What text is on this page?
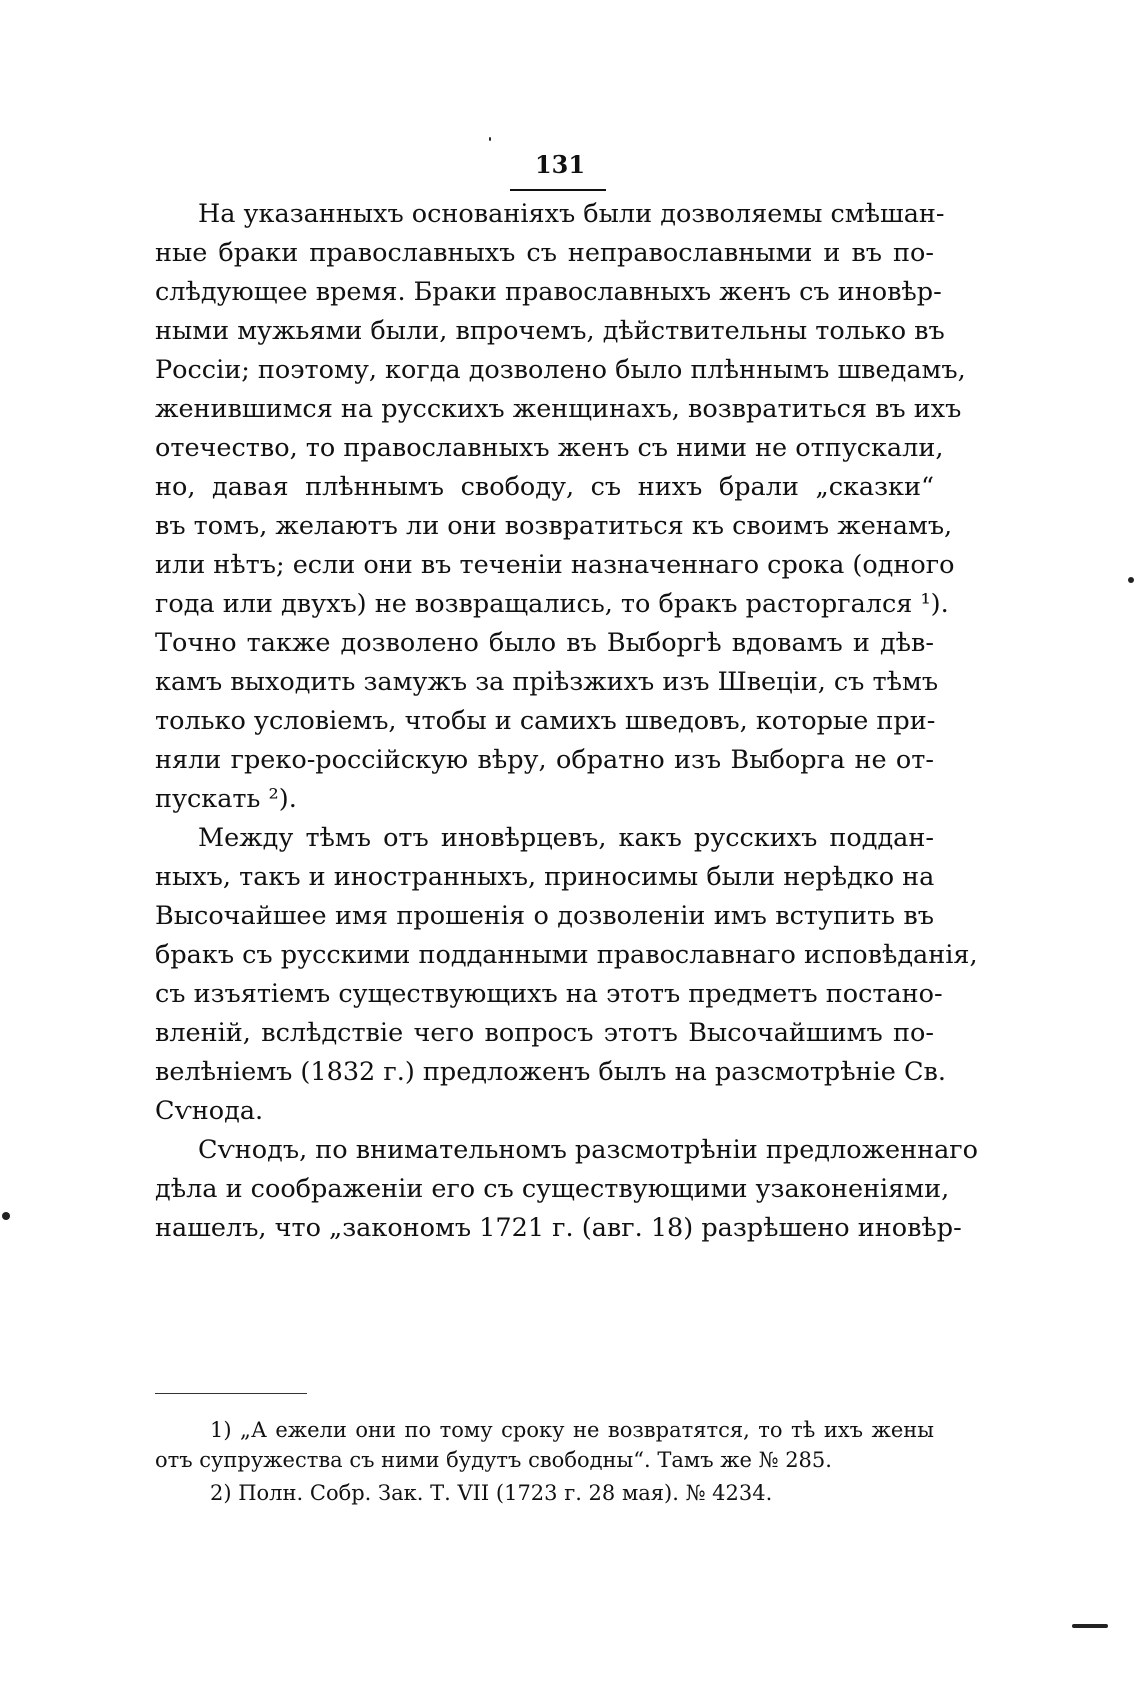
131
На указанныхъ основаніяхъ были дозволяемы смѣшан-
ные браки православныхъ съ неправославными и въ по-
слѣдующее время. Браки православныхъ женъ съ иновѣр-
ными мужьями были, впрочемъ, дѣйствительны только въ
Россіи; поэтому, когда дозволено было плѣннымъ шведамъ,
женившимся на русскихъ женщинахъ, возвратиться въ ихъ
отечество, то православныхъ женъ съ ними не отпускали,
но, давая плѣннымъ свободу, съ нихъ брали „сказки“
въ томъ, желаютъ ли они возвратиться къ своимъ женамъ,
или нѣтъ; если они въ теченіи назначеннаго срока (одного
года или двухъ) не возвращались, то бракъ расторгался ¹).
Точно также дозволено было въ Выборгѣ вдовамъ и дѣв-
камъ выходить замужъ за пріѣзжихъ изъ Швеціи, съ тѣмъ
только условіемъ, чтобы и самихъ шведовъ, которые при-
няли греко-россійскую вѣру, обратно изъ Выборга не от-
пускать ²).
Между тѣмъ отъ иновѣрцевъ, какъ русскихъ поддан-
ныхъ, такъ и иностранныхъ, приносимы были нерѣдко на
Высочайшее имя прошенія о дозволеніи имъ вступить въ
бракъ съ русскими подданными православнаго исповѣданія,
съ изъятіемъ существующихъ на этотъ предметъ постано-
вленій, вслѣдствіе чего вопросъ этотъ Высочайшимъ по-
велѣніемъ (1832 г.) предложенъ былъ на разсмотрѣніе Св.
Сѵнода.
Сѵнодъ, по внимательномъ разсмотрѣніи предложеннаго
дѣла и соображеніи его съ существующими узаконеніями,
нашелъ, что „закономъ 1721 г. (авг. 18) разрѣшено иновѣр-
1) „А ежели они по тому сроку не возвратятся, то тѣ ихъ жены
отъ супружества съ ними будутъ свободны“. Тамъ же № 285.
2) Полн. Собр. Зак. Т. VII (1723 г. 28 мая). № 4234.
